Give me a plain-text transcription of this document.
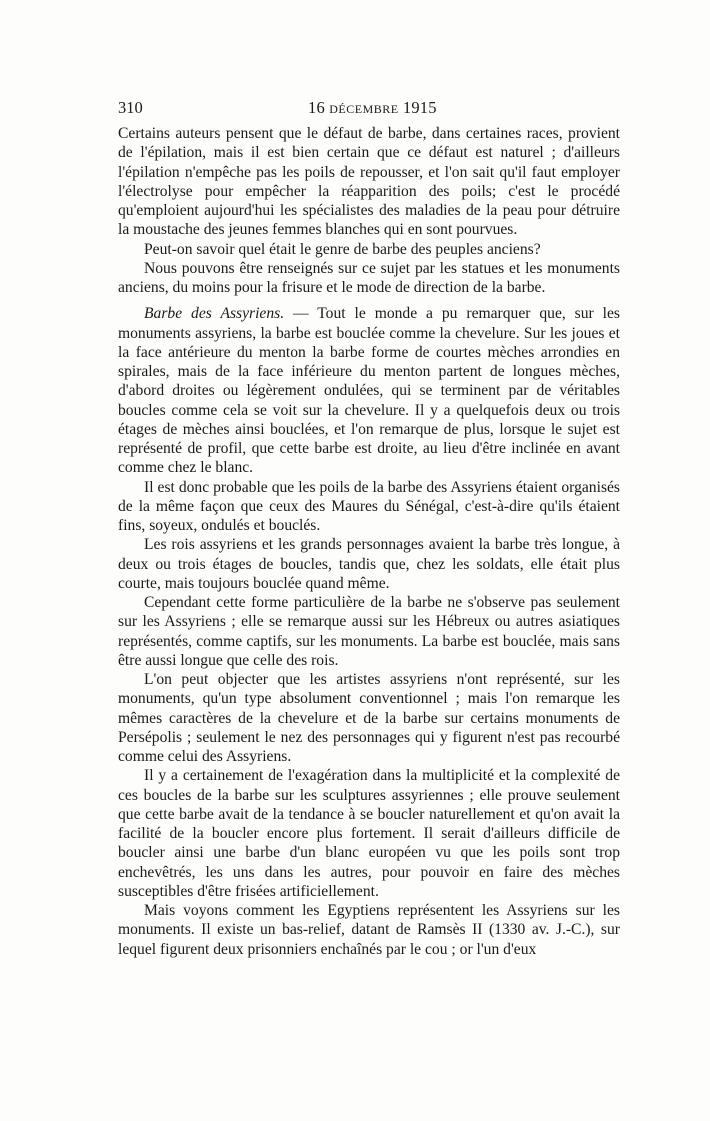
310	16 DÉCEMBRE 1915

Certains auteurs pensent que le défaut de barbe, dans certaines races, provient de l'épilation, mais il est bien certain que ce défaut est naturel ; d'ailleurs l'épilation n'empêche pas les poils de repousser, et l'on sait qu'il faut employer l'électrolyse pour empêcher la réapparition des poils; c'est le procédé qu'emploient aujourd'hui les spécialistes des maladies de la peau pour détruire la moustache des jeunes femmes blanches qui en sont pourvues.

Peut-on savoir quel était le genre de barbe des peuples anciens?

Nous pouvons être renseignés sur ce sujet par les statues et les monuments anciens, du moins pour la frisure et le mode de direction de la barbe.

Barbe des Assyriens. — Tout le monde a pu remarquer que, sur les monuments assyriens, la barbe est bouclée comme la chevelure. Sur les joues et la face antérieure du menton la barbe forme de courtes mèches arrondies en spirales, mais de la face inférieure du menton partent de longues mèches, d'abord droites ou légèrement ondulées, qui se terminent par de véritables boucles comme cela se voit sur la chevelure. Il y a quelquefois deux ou trois étages de mèches ainsi bouclées, et l'on remarque de plus, lorsque le sujet est représenté de profil, que cette barbe est droite, au lieu d'être inclinée en avant comme chez le blanc.

Il est donc probable que les poils de la barbe des Assyriens étaient organisés de la même façon que ceux des Maures du Sénégal, c'est-à-dire qu'ils étaient fins, soyeux, ondulés et bouclés.

Les rois assyriens et les grands personnages avaient la barbe très longue, à deux ou trois étages de boucles, tandis que, chez les soldats, elle était plus courte, mais toujours bouclée quand même.

Cependant cette forme particulière de la barbe ne s'observe pas seulement sur les Assyriens ; elle se remarque aussi sur les Hébreux ou autres asiatiques représentés, comme captifs, sur les monuments. La barbe est bouclée, mais sans être aussi longue que celle des rois.

L'on peut objecter que les artistes assyriens n'ont représenté, sur les monuments, qu'un type absolument conventionnel ; mais l'on remarque les mêmes caractères de la chevelure et de la barbe sur certains monuments de Persépolis ; seulement le nez des personnages qui y figurent n'est pas recourbé comme celui des Assyriens.

Il y a certainement de l'exagération dans la multiplicité et la complexité de ces boucles de la barbe sur les sculptures assyriennes ; elle prouve seulement que cette barbe avait de la tendance à se boucler naturellement et qu'on avait la facilité de la boucler encore plus fortement. Il serait d'ailleurs difficile de boucler ainsi une barbe d'un blanc européen vu que les poils sont trop enchevêtrés, les uns dans les autres, pour pouvoir en faire des mèches susceptibles d'être frisées artificiellement.

Mais voyons comment les Egyptiens représentent les Assyriens sur les monuments. Il existe un bas-relief, datant de Ramsès II (1330 av. J.-C.), sur lequel figurent deux prisonniers enchaînés par le cou ; or l'un d'eux
